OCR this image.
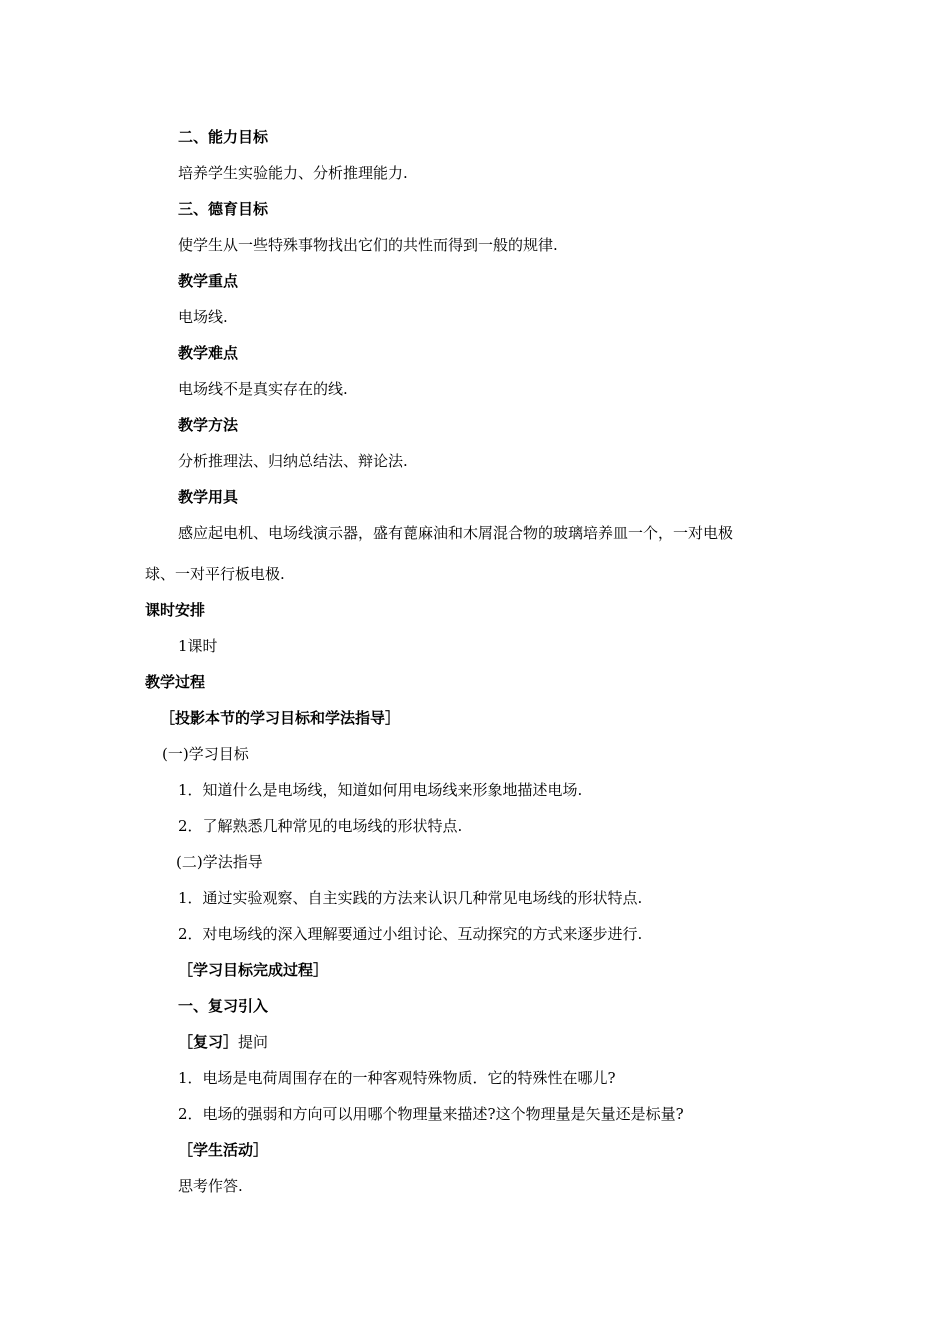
二、能力目标
培养学生实验能力、分析推理能力.
三、德育目标
使学生从一些特殊事物找出它们的共性而得到一般的规律.
教学重点
电场线.
教学难点
电场线不是真实存在的线.
教学方法
分析推理法、归纳总结法、辩论法.
教学用具
感应起电机、电场线演示器，盛有蓖麻油和木屑混合物的玻璃培养皿一个，一对电极
球、一对平行板电极.
课时安排
1课时
教学过程
［投影本节的学习目标和学法指导］
(一)学习目标
1．知道什么是电场线，知道如何用电场线来形象地描述电场.
2．了解熟悉几种常见的电场线的形状特点.
(二)学法指导
1．通过实验观察、自主实践的方法来认识几种常见电场线的形状特点.
2．对电场线的深入理解要通过小组讨论、互动探究的方式来逐步进行.
［学习目标完成过程］
一、复习引入
［复习］提问
1．电场是电荷周围存在的一种客观特殊物质．它的特殊性在哪儿?
2．电场的强弱和方向可以用哪个物理量来描述?这个物理量是矢量还是标量?
［学生活动］
思考作答.
